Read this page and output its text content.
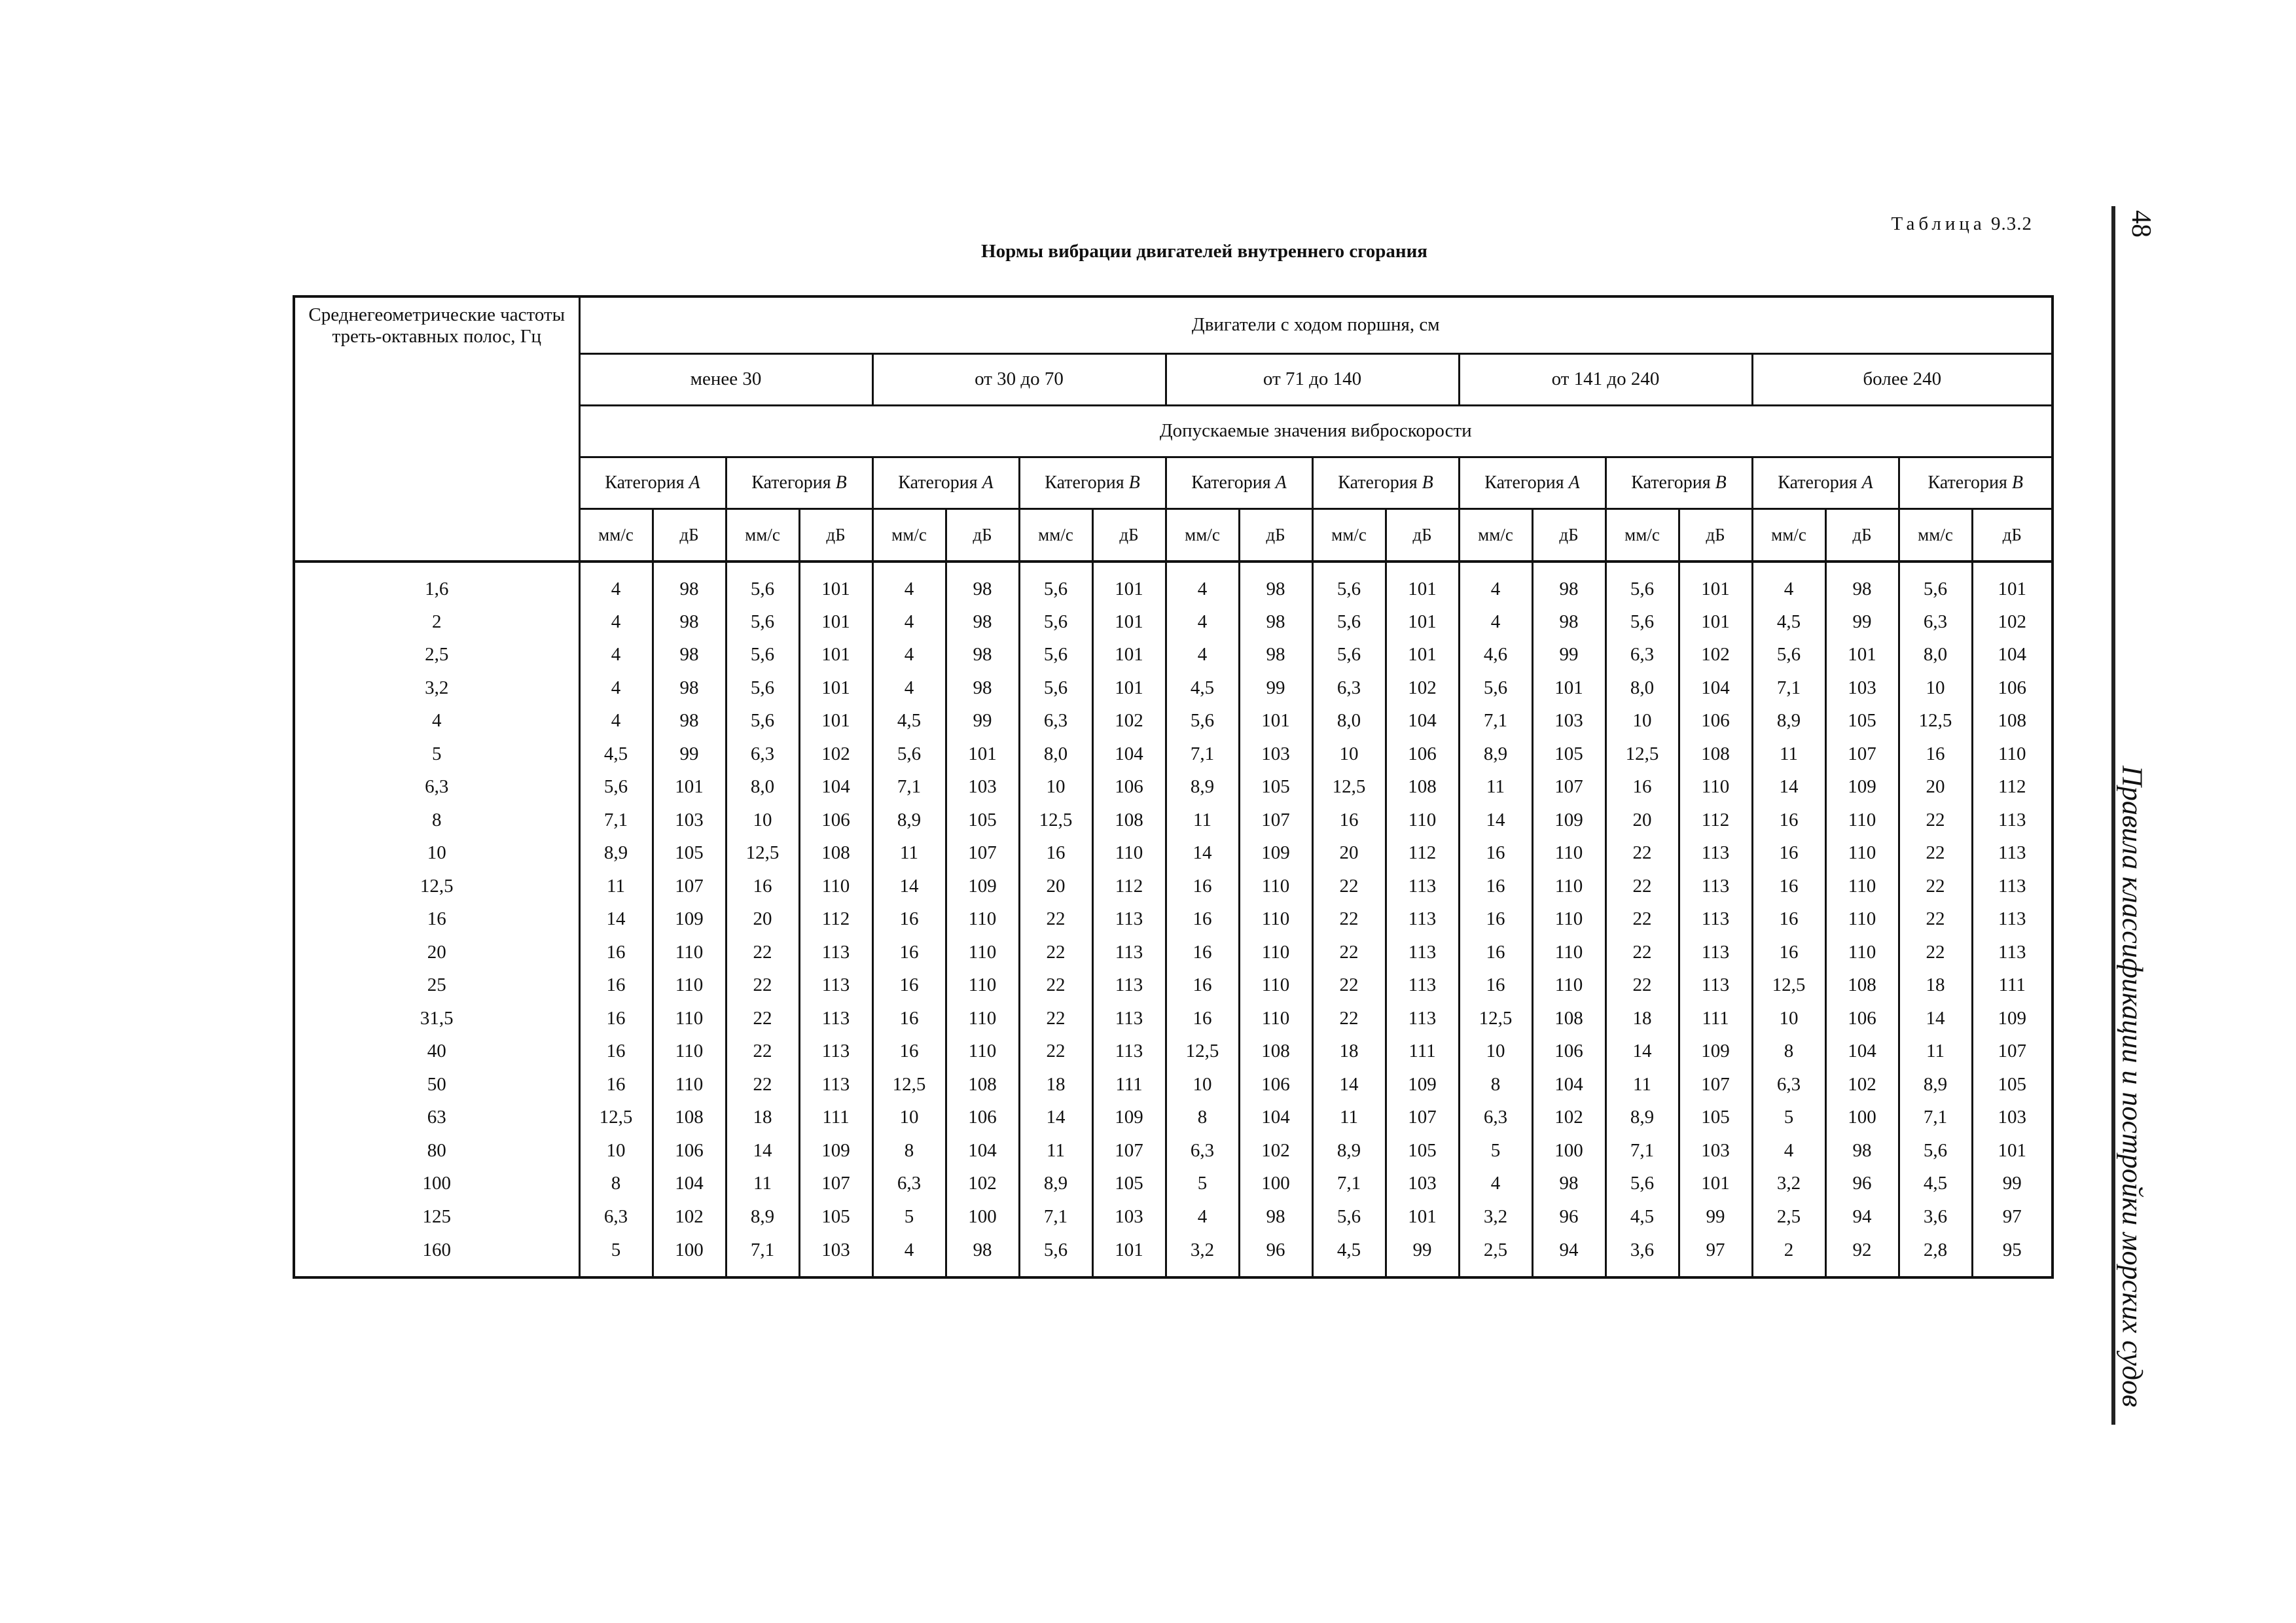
Таблица 9.3.2
Нормы вибрации двигателей внутреннего сгорания
48
Правила классификации и постройки морских судов
Среднегеометрические частоты треть-октавных полос, Гц	Двигатели с ходом поршня, см																			
	менее 30				от 30 до 70				от 71 до 140				от 141 до 240				более 240			
	Допускаемые значения виброскорости																			
	Категория А		Категория В		Категория А		Категория В		Категория А		Категория В		Категория А		Категория В		Категория А		Категория В	
	мм/с	дБ	мм/с	дБ	мм/с	дБ	мм/с	дБ	мм/с	дБ	мм/с	дБ	мм/с	дБ	мм/с	дБ	мм/с	дБ	мм/с	дБ
1,6	4	98	5,6	101	4	98	5,6	101	4	98	5,6	101	4	98	5,6	101	4	98	5,6	101
2	4	98	5,6	101	4	98	5,6	101	4	98	5,6	101	4	98	5,6	101	4,5	99	6,3	102
2,5	4	98	5,6	101	4	98	5,6	101	4	98	5,6	101	4,6	99	6,3	102	5,6	101	8,0	104
3,2	4	98	5,6	101	4	98	5,6	101	4,5	99	6,3	102	5,6	101	8,0	104	7,1	103	10	106
4	4	98	5,6	101	4,5	99	6,3	102	5,6	101	8,0	104	7,1	103	10	106	8,9	105	12,5	108
5	4,5	99	6,3	102	5,6	101	8,0	104	7,1	103	10	106	8,9	105	12,5	108	11	107	16	110
6,3	5,6	101	8,0	104	7,1	103	10	106	8,9	105	12,5	108	11	107	16	110	14	109	20	112
8	7,1	103	10	106	8,9	105	12,5	108	11	107	16	110	14	109	20	112	16	110	22	113
10	8,9	105	12,5	108	11	107	16	110	14	109	20	112	16	110	22	113	16	110	22	113
12,5	11	107	16	110	14	109	20	112	16	110	22	113	16	110	22	113	16	110	22	113
16	14	109	20	112	16	110	22	113	16	110	22	113	16	110	22	113	16	110	22	113
20	16	110	22	113	16	110	22	113	16	110	22	113	16	110	22	113	16	110	22	113
25	16	110	22	113	16	110	22	113	16	110	22	113	16	110	22	113	12,5	108	18	111
31,5	16	110	22	113	16	110	22	113	16	110	22	113	12,5	108	18	111	10	106	14	109
40	16	110	22	113	16	110	22	113	12,5	108	18	111	10	106	14	109	8	104	11	107
50	16	110	22	113	12,5	108	18	111	10	106	14	109	8	104	11	107	6,3	102	8,9	105
63	12,5	108	18	111	10	106	14	109	8	104	11	107	6,3	102	8,9	105	5	100	7,1	103
80	10	106	14	109	8	104	11	107	6,3	102	8,9	105	5	100	7,1	103	4	98	5,6	101
100	8	104	11	107	6,3	102	8,9	105	5	100	7,1	103	4	98	5,6	101	3,2	96	4,5	99
125	6,3	102	8,9	105	5	100	7,1	103	4	98	5,6	101	3,2	96	4,5	99	2,5	94	3,6	97
160	5	100	7,1	103	4	98	5,6	101	3,2	96	4,5	99	2,5	94	3,6	97	2	92	2,8	95
